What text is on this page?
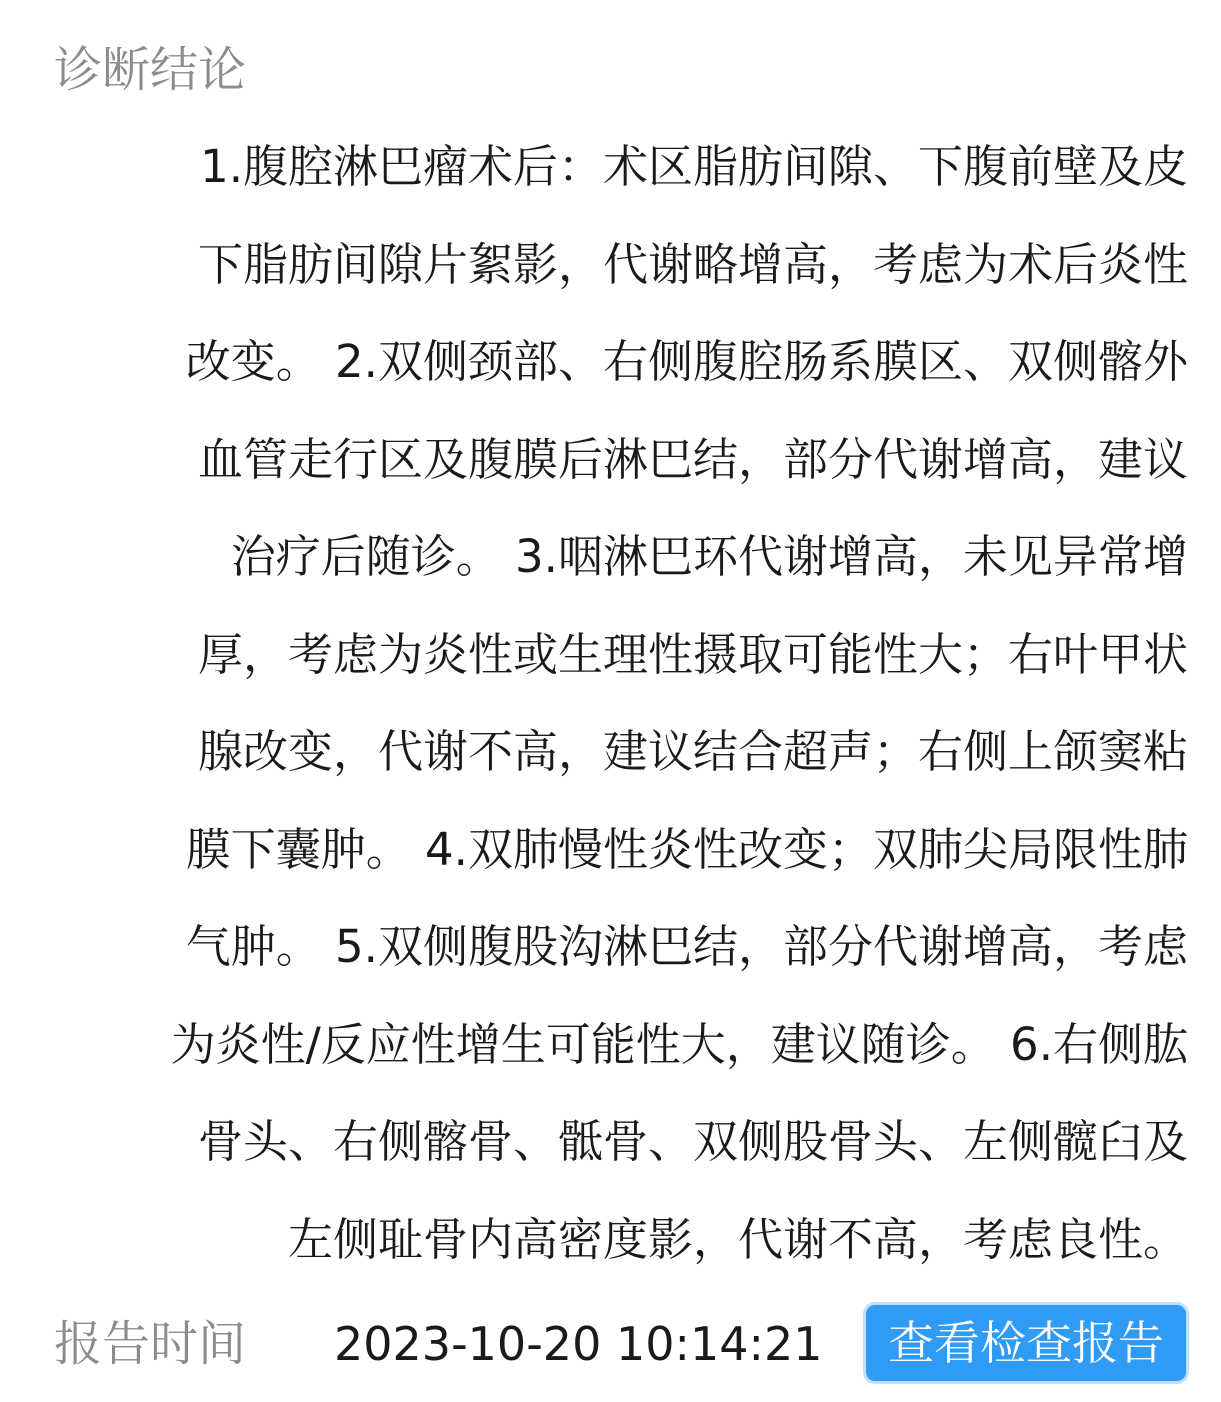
诊断结论
1.腹腔淋巴瘤术后：术区脂肪间隙、下腹前壁及皮
下脂肪间隙片絮影，代谢略增高，考虑为术后炎性
改变。 2.双侧颈部、右侧腹腔肠系膜区、双侧髂外
血管走行区及腹膜后淋巴结，部分代谢增高，建议
治疗后随诊。 3.咽淋巴环代谢增高，未见异常增
厚，考虑为炎性或生理性摄取可能性大；右叶甲状
腺改变，代谢不高，建议结合超声；右侧上颌窦粘
膜下囊肿。 4.双肺慢性炎性改变；双肺尖局限性肺
气肿。 5.双侧腹股沟淋巴结，部分代谢增高，考虑
为炎性/反应性增生可能性大，建议随诊。 6.右侧肱
骨头、右侧髂骨、骶骨、双侧股骨头、左侧髋臼及
左侧耻骨内高密度影，代谢不高，考虑良性。
报告时间 2023-10-20 10:14:21	查看检查报告
